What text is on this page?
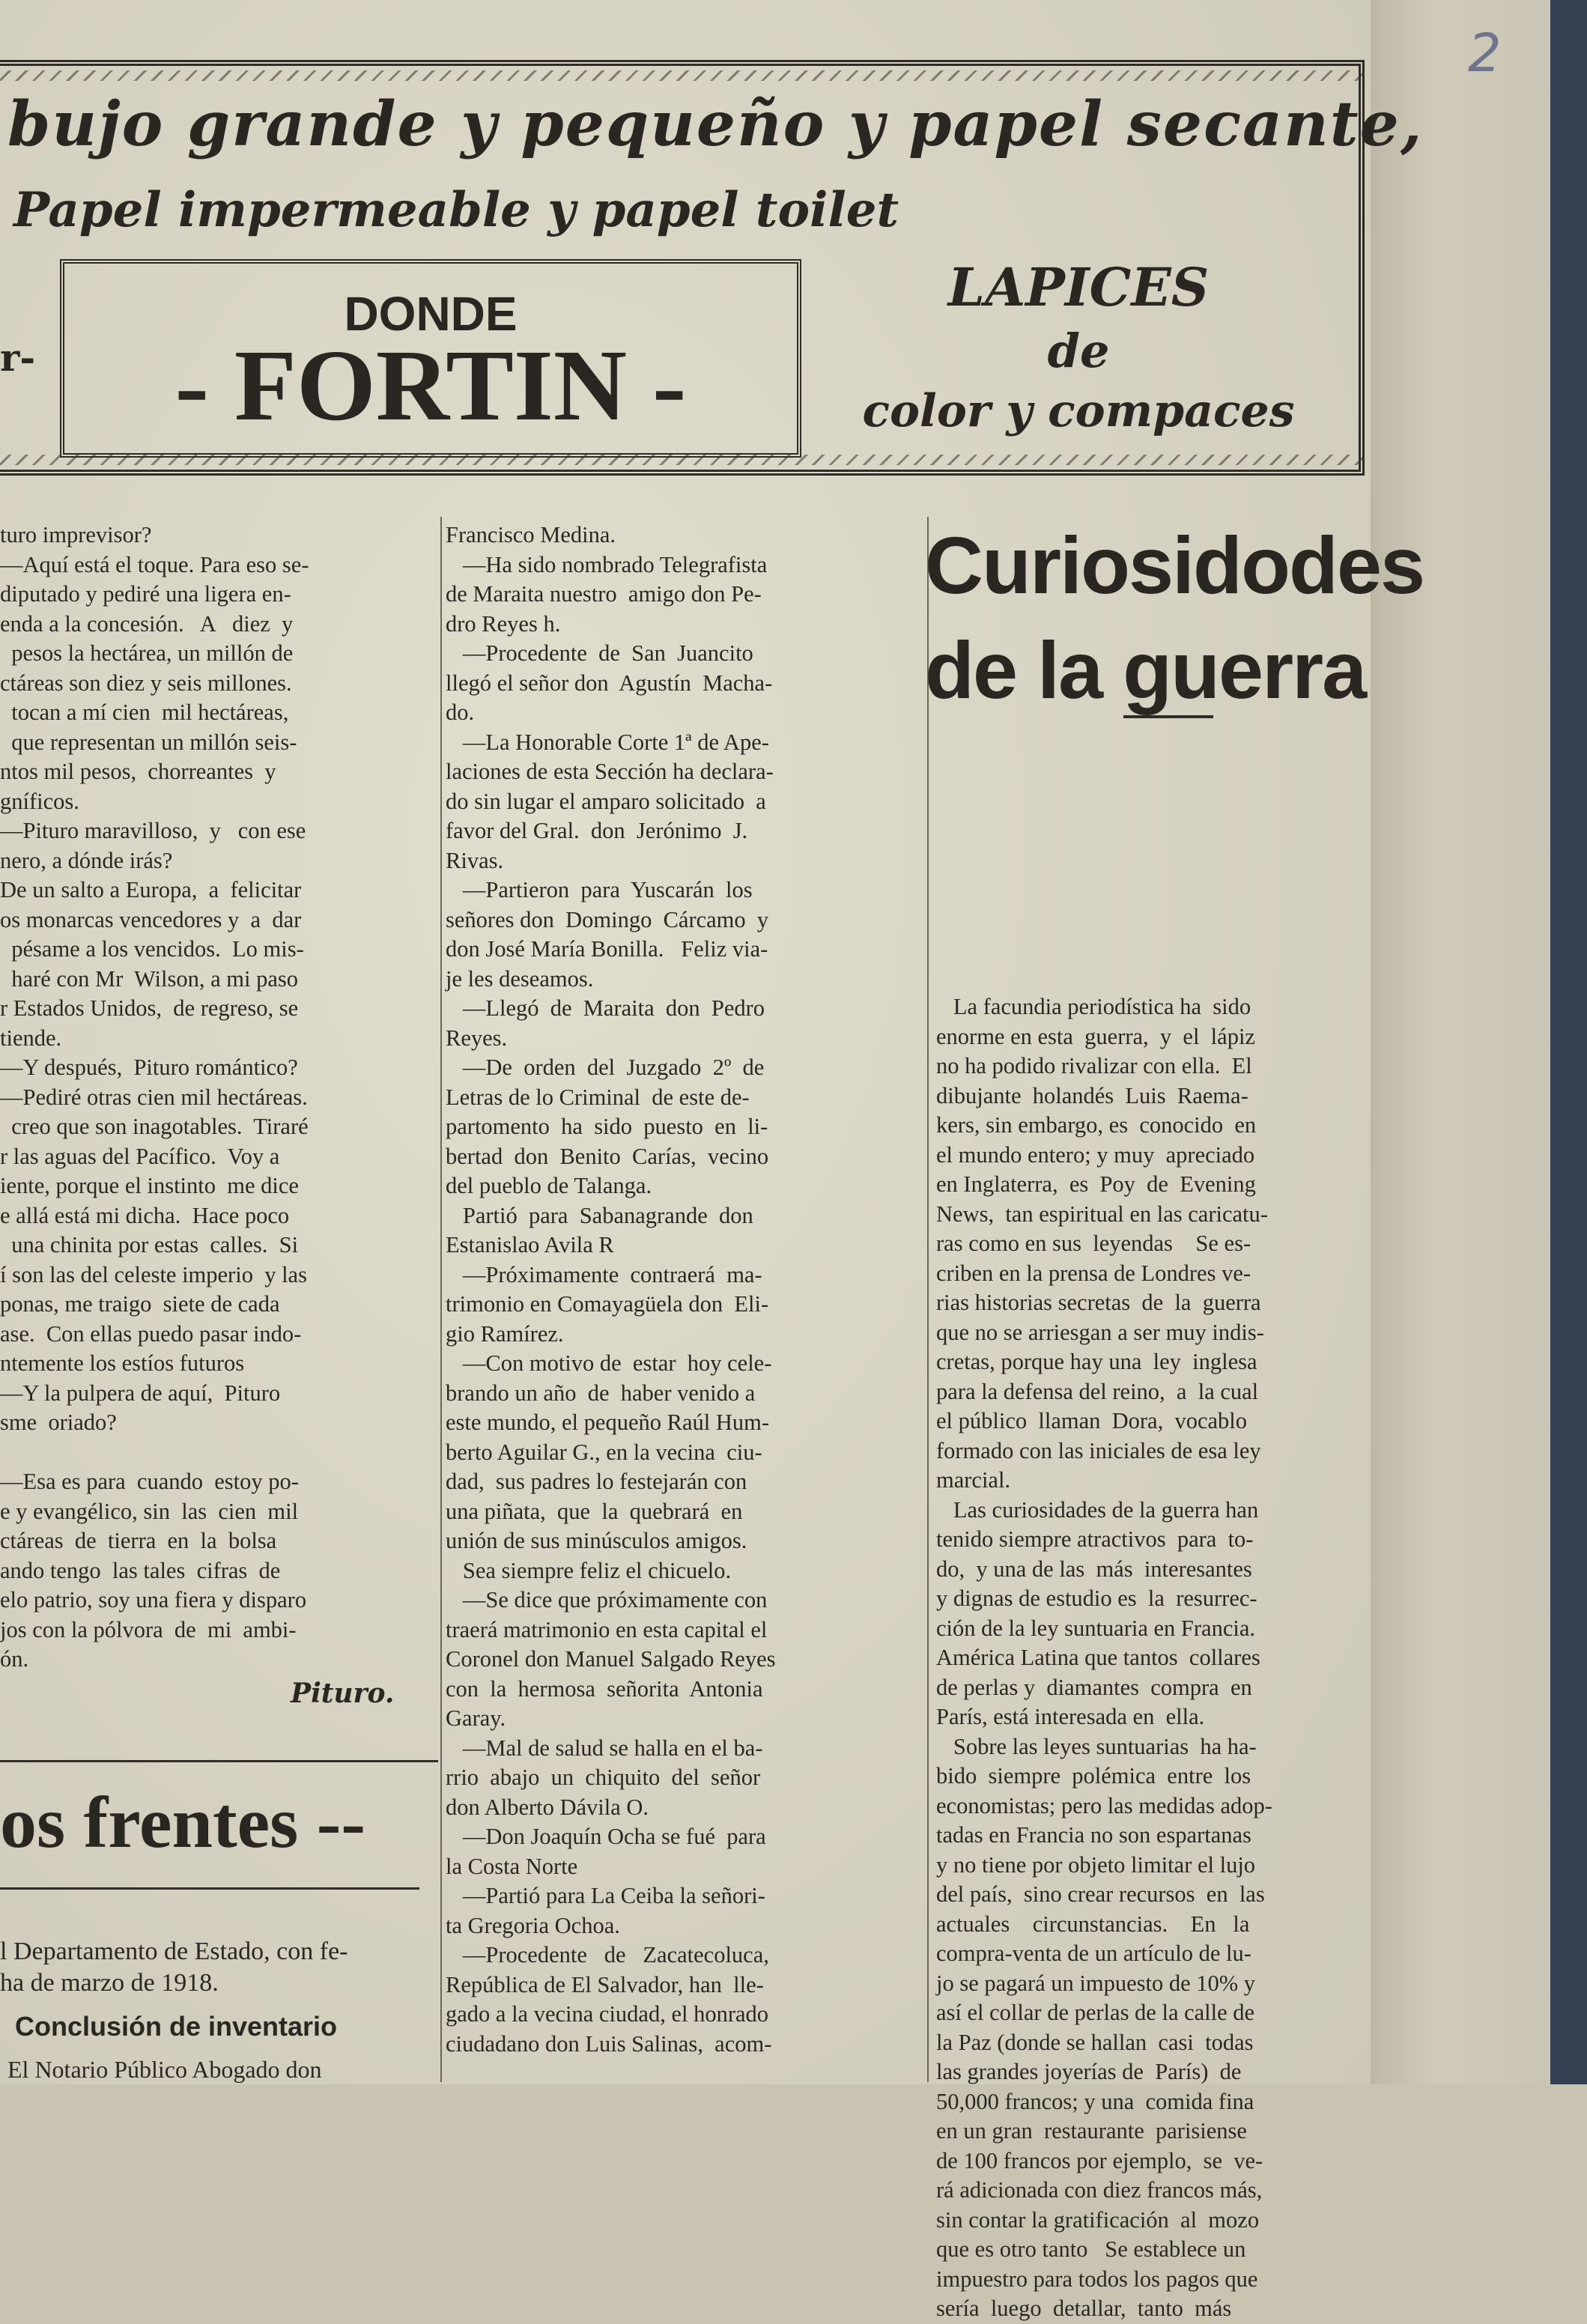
2
bujo grande y pequeño y papel secante,
Papel impermeable y papel toilet
r-
DONDE
- FORTIN -
LAPICES
de
color y compaces
turo imprevisor?
—Aquí está el toque. Para eso se-
diputado y pediré una ligera en-
enda a la concesión.   A   diez  y
pesos la hectárea, un millón de
ctáreas son diez y seis millones.
tocan a mí cien  mil hectáreas,
que representan un millón seis-
ntos mil pesos,  chorreantes  y
gníficos.
—Pituro maravilloso,  y   con ese
nero, a dónde irás?
De un salto a Europa,  a  felicitar
os monarcas vencedores y  a  dar
pésame a los vencidos.  Lo mis-
haré con Mr  Wilson, a mi paso
r Estados Unidos,  de regreso, se
tiende.
—Y después,  Pituro romántico?
—Pediré otras cien mil hectáreas.
creo que son inagotables.  Tiraré
r las aguas del Pacífico.  Voy a
iente, porque el instinto  me dice
e allá está mi dicha.  Hace poco
una chinita por estas  calles.  Si
í son las del celeste imperio  y las
ponas, me traigo  siete de cada
ase.  Con ellas puedo pasar indo-
ntemente los estíos futuros
—Y la pulpera de aquí,  Pituro
sme  oriado?

—Esa es para  cuando  estoy po-
e y evangélico, sin  las  cien  mil
ctáreas  de  tierra  en  la  bolsa
ando tengo  las tales  cifras  de
elo patrio, soy una fiera y disparo
jos con la pólvora  de  mi  ambi-
ón.
Pituro.
os frentes --
l Departamento de Estado, con fe-
ha de marzo de 1918.
Conclusión de inventario
El Notario Público Abogado don
Francisco Medina.
—Ha sido nombrado Telegrafista
de Maraita nuestro  amigo don Pe-
dro Reyes h.
—Procedente  de  San  Juancito
llegó el señor don  Agustín  Macha-
do.
—La Honorable Corte 1ª de Ape-
laciones de esta Sección ha declara-
do sin lugar el amparo solicitado  a
favor del Gral.  don  Jerónimo  J.
Rivas.
—Partieron  para  Yuscarán  los
señores don  Domingo  Cárcamo  y
don José María Bonilla.   Feliz via-
je les deseamos.
—Llegó  de  Maraita  don  Pedro
Reyes.
—De  orden  del  Juzgado  2º  de
Letras de lo Criminal  de este de-
partomento  ha  sido  puesto  en  li-
bertad  don  Benito  Carías,  vecino
del pueblo de Talanga.
Partió  para  Sabanagrande  don
Estanislao Avila R
—Próximamente  contraerá  ma-
trimonio en Comayagüela don  Eli-
gio Ramírez.
—Con motivo de  estar  hoy cele-
brando un año  de  haber venido a
este mundo, el pequeño Raúl Hum-
berto Aguilar G., en la vecina  ciu-
dad,  sus padres lo festejarán con
una piñata,  que  la  quebrará  en
unión de sus minúsculos amigos.
Sea siempre feliz el chicuelo.
—Se dice que próximamente con
traerá matrimonio en esta capital el
Coronel don Manuel Salgado Reyes
con  la  hermosa  señorita  Antonia
Garay.
—Mal de salud se halla en el ba-
rrio  abajo  un  chiquito  del  señor
don Alberto Dávila O.
—Don Joaquín Ocha se fué  para
la Costa Norte
—Partió para La Ceiba la señori-
ta Gregoria Ochoa.
—Procedente   de   Zacatecoluca,
República de El Salvador, han  lle-
gado a la vecina ciudad, el honrado
ciudadano don Luis Salinas,  acom-
Curiosidodes
de la guerra
La facundia periodística ha  sido
enorme en esta  guerra,  y  el  lápiz
no ha podido rivalizar con ella.  El
dibujante  holandés  Luis  Raema-
kers, sin embargo, es  conocido  en
el mundo entero; y muy  apreciado
en Inglaterra,  es  Poy  de  Evening
News,  tan espiritual en las caricatu-
ras como en sus  leyendas    Se es-
criben en la prensa de Londres ve-
rias historias secretas  de  la  guerra
que no se arriesgan a ser muy indis-
cretas, porque hay una  ley  inglesa
para la defensa del reino,  a  la cual
el público  llaman  Dora,  vocablo
formado con las iniciales de esa ley
marcial.
Las curiosidades de la guerra han
tenido siempre atractivos  para  to-
do,  y una de las  más  interesantes
y dignas de estudio es  la  resurrec-
ción de la ley suntuaria en Francia.
América Latina que tantos  collares
de perlas y  diamantes  compra  en
París, está interesada en  ella.
Sobre las leyes suntuarias  ha ha-
bido  siempre  polémica  entre  los
economistas; pero las medidas adop-
tadas en Francia no son espartanas
y no tiene por objeto limitar el lujo
del país,  sino crear recursos  en  las
actuales    circunstancias.    En   la
compra-venta de un artículo de lu-
jo se pagará un impuesto de 10% y
así el collar de perlas de la calle de
la Paz (donde se hallan  casi  todas
las grandes joyerías de  París)  de
50,000 francos; y una  comida fina
en un gran  restaurante  parisiense
de 100 francos por ejemplo,  se  ve-
rá adicionada con diez francos más,
sin contar la gratificación  al  mozo
que es otro tanto   Se establece un
impuestro para todos los pagos que
sería  luego  detallar,  tanto  más
